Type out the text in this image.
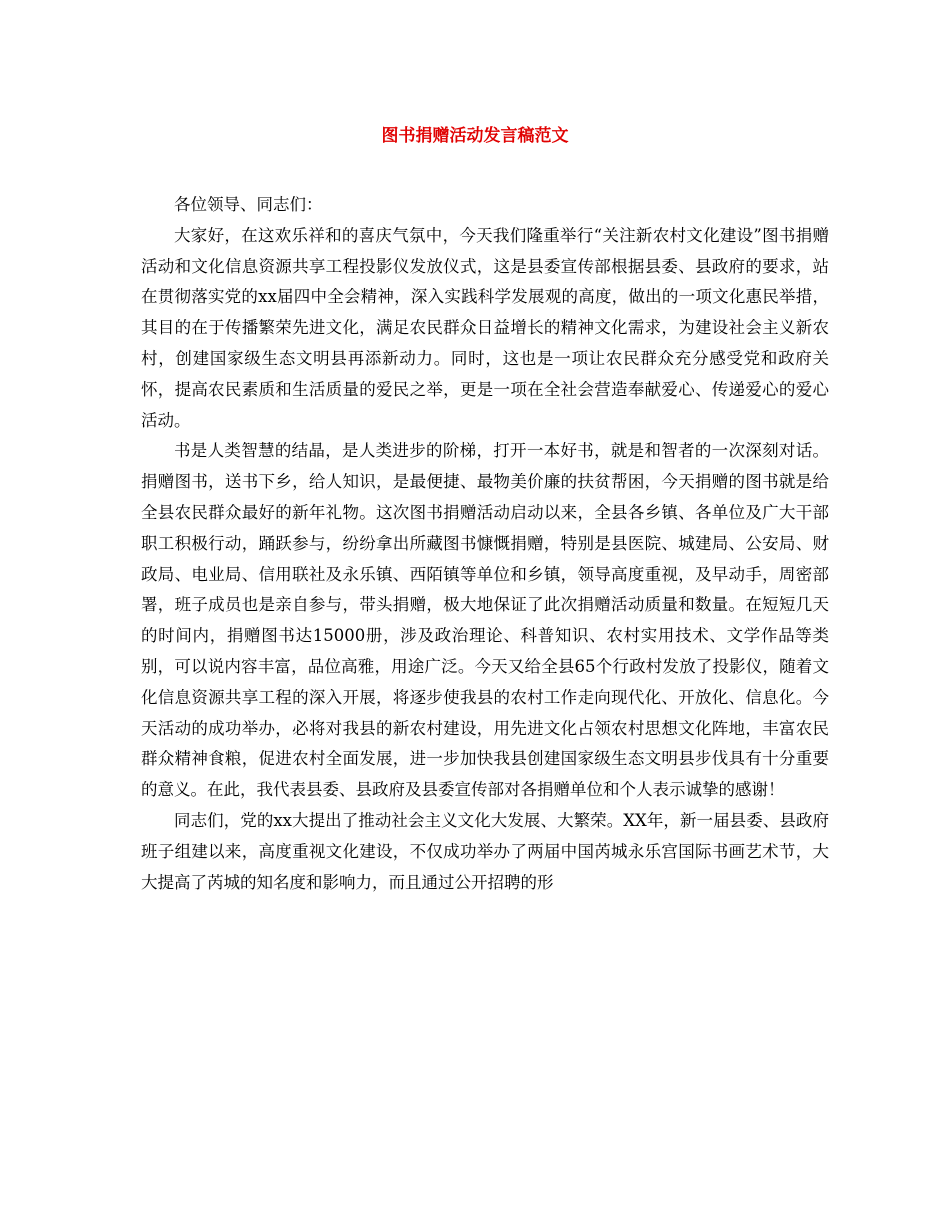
图书捐赠活动发言稿范文

各位领导、同志们：

大家好，在这欢乐祥和的喜庆气氛中，今天我们隆重举行“关注新农村文化建设”图书捐赠活动和文化信息资源共享工程投影仪发放仪式，这是县委宣传部根据县委、县政府的要求，站在贯彻落实党的xx届四中全会精神，深入实践科学发展观的高度，做出的一项文化惠民举措，其目的在于传播繁荣先进文化，满足农民群众日益增长的精神文化需求，为建设社会主义新农村，创建国家级生态文明县再添新动力。同时，这也是一项让农民群众充分感受党和政府关怀，提高农民素质和生活质量的爱民之举，更是一项在全社会营造奉献爱心、传递爱心的爱心活动。

书是人类智慧的结晶，是人类进步的阶梯，打开一本好书，就是和智者的一次深刻对话。捐赠图书，送书下乡，给人知识，是最便捷、最物美价廉的扶贫帮困，今天捐赠的图书就是给全县农民群众最好的新年礼物。这次图书捐赠活动启动以来，全县各乡镇、各单位及广大干部职工积极行动，踊跃参与，纷纷拿出所藏图书慷慨捐赠，特别是县医院、城建局、公安局、财政局、电业局、信用联社及永乐镇、西陌镇等单位和乡镇，领导高度重视，及早动手，周密部署，班子成员也是亲自参与，带头捐赠，极大地保证了此次捐赠活动质量和数量。在短短几天的时间内，捐赠图书达15000册，涉及政治理论、科普知识、农村实用技术、文学作品等类别，可以说内容丰富，品位高雅，用途广泛。今天又给全县65个行政村发放了投影仪，随着文化信息资源共享工程的深入开展，将逐步使我县的农村工作走向现代化、开放化、信息化。今天活动的成功举办，必将对我县的新农村建设，用先进文化占领农村思想文化阵地，丰富农民群众精神食粮，促进农村全面发展，进一步加快我县创建国家级生态文明县步伐具有十分重要的意义。在此，我代表县委、县政府及县委宣传部对各捐赠单位和个人表示诚挚的感谢！

同志们，党的xx大提出了推动社会主义文化大发展、大繁荣。XX年，新一届县委、县政府班子组建以来，高度重视文化建设，不仅成功举办了两届中国芮城永乐宫国际书画艺术节，大大提高了芮城的知名度和影响力，而且通过公开招聘的形
